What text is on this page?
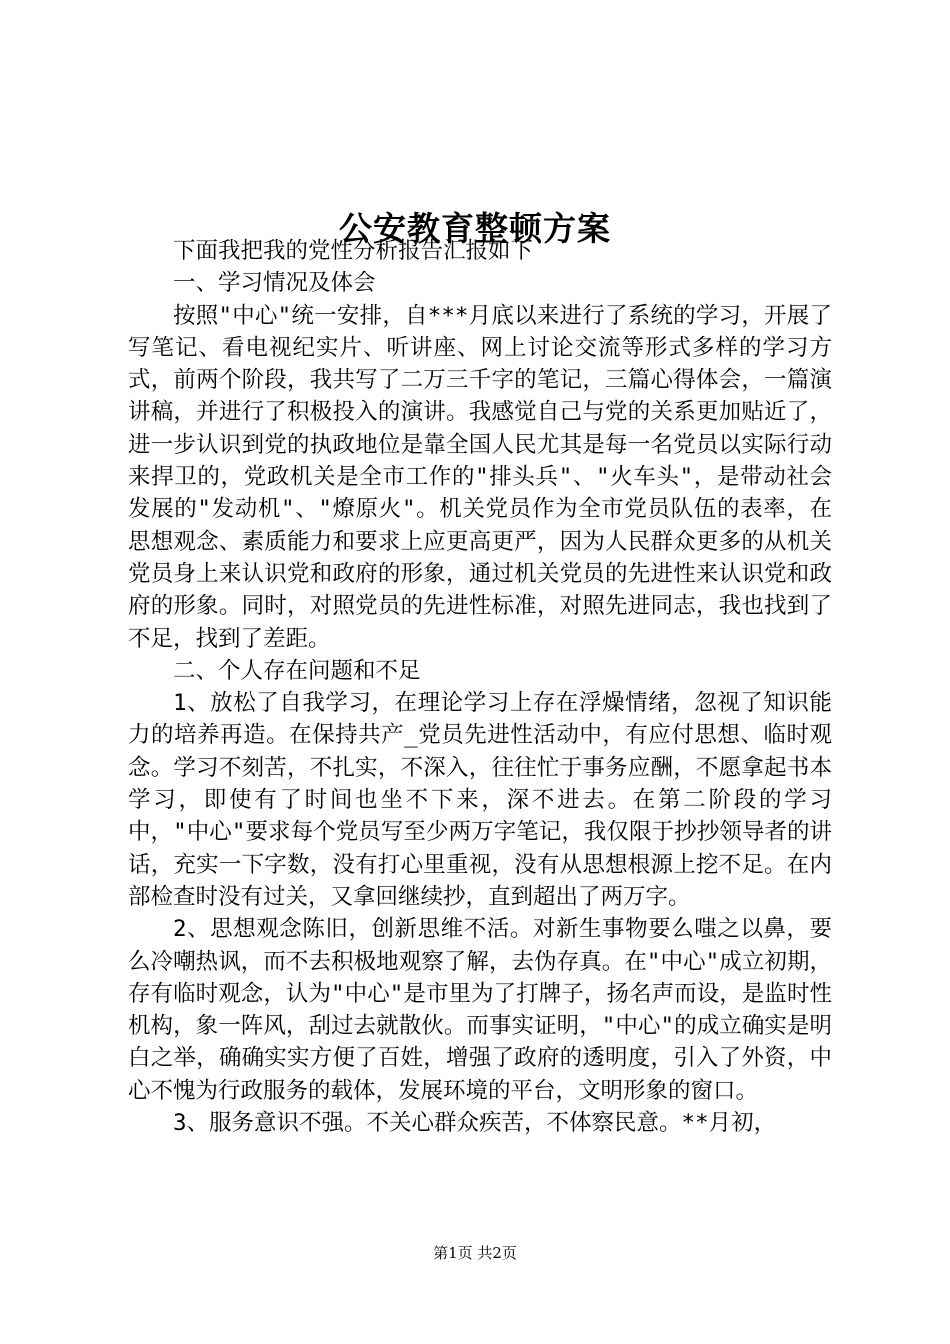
公安教育整顿方案

下面我把我的党性分析报告汇报如下

一、学习情况及体会

按照"中心"统一安排，自***月底以来进行了系统的学习，开展了写笔记、看电视纪实片、听讲座、网上讨论交流等形式多样的学习方式，前两个阶段，我共写了二万三千字的笔记，三篇心得体会，一篇演讲稿，并进行了积极投入的演讲。我感觉自己与党的关系更加贴近了，进一步认识到党的执政地位是靠全国人民尤其是每一名党员以实际行动来捍卫的，党政机关是全市工作的"排头兵"、"火车头"，是带动社会发展的"发动机"、"燎原火"。机关党员作为全市党员队伍的表率，在思想观念、素质能力和要求上应更高更严，因为人民群众更多的从机关党员身上来认识党和政府的形象，通过机关党员的先进性来认识党和政府的形象。同时，对照党员的先进性标准，对照先进同志，我也找到了不足，找到了差距。

二、个人存在问题和不足

1、放松了自我学习，在理论学习上存在浮燥情绪，忽视了知识能力的培养再造。在保持共产_党员先进性活动中，有应付思想、临时观念。学习不刻苦，不扎实，不深入，往往忙于事务应酬，不愿拿起书本学习，即使有了时间也坐不下来，深不进去。在第二阶段的学习中，"中心"要求每个党员写至少两万字笔记，我仅限于抄抄领导者的讲话，充实一下字数，没有打心里重视，没有从思想根源上挖不足。在内部检查时没有过关，又拿回继续抄，直到超出了两万字。

2、思想观念陈旧，创新思维不活。对新生事物要么嗤之以鼻，要么冷嘲热讽，而不去积极地观察了解，去伪存真。在"中心"成立初期，存有临时观念，认为"中心"是市里为了打牌子，扬名声而设，是监时性机构，象一阵风，刮过去就散伙。而事实证明，"中心"的成立确实是明白之举，确确实实方便了百姓，增强了政府的透明度，引入了外资，中心不愧为行政服务的载体，发展环境的平台，文明形象的窗口。

3、服务意识不强。不关心群众疾苦，不体察民意。**月初，

第1页 共2页
